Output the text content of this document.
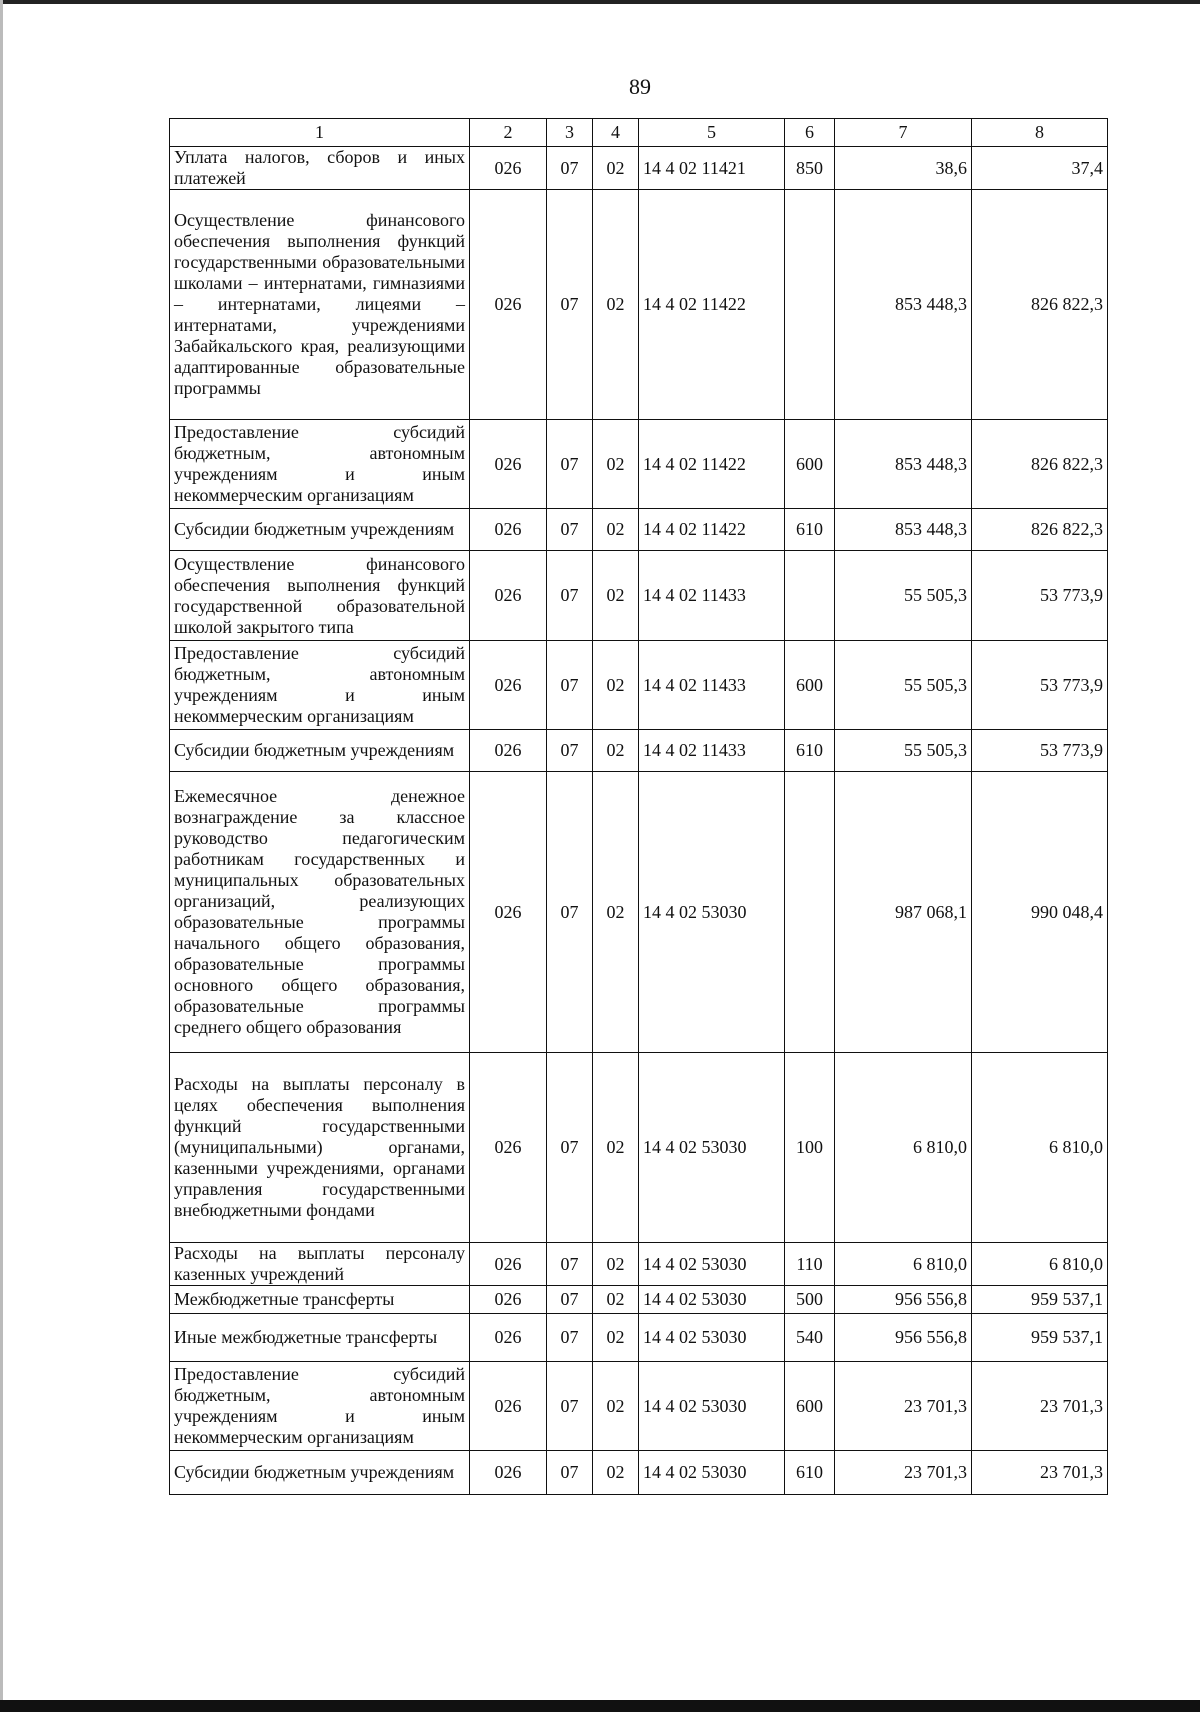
89
1	2	3	4	5	6	7	8
Уплата налогов, сборов и иных платежей	026	07	02	14 4 02 11421	850	38,6	37,4
Осуществление финансового обеспечения выполнения функций государственными образовательными школами – интернатами, гимназиями – интернатами, лицеями – интернатами, учреждениями Забайкальского края, реализующими адаптированные образовательные программы	026	07	02	14 4 02 11422		853 448,3	826 822,3
Предоставление субсидий бюджетным, автономным учреждениям и иным некоммерческим организациям	026	07	02	14 4 02 11422	600	853 448,3	826 822,3
Субсидии бюджетным учреждениям	026	07	02	14 4 02 11422	610	853 448,3	826 822,3
Осуществление финансового обеспечения выполнения функций государственной образовательной школой закрытого типа	026	07	02	14 4 02 11433		55 505,3	53 773,9
Предоставление субсидий бюджетным, автономным учреждениям и иным некоммерческим организациям	026	07	02	14 4 02 11433	600	55 505,3	53 773,9
Субсидии бюджетным учреждениям	026	07	02	14 4 02 11433	610	55 505,3	53 773,9
Ежемесячное денежное вознаграждение за классное руководство педагогическим работникам государственных и муниципальных образовательных организаций, реализующих образовательные программы начального общего образования, образовательные программы основного общего образования, образовательные программы среднего общего образования	026	07	02	14 4 02 53030		987 068,1	990 048,4
Расходы на выплаты персоналу в целях обеспечения выполнения функций государственными (муниципальными) органами, казенными учреждениями, органами управления государственными внебюджетными фондами	026	07	02	14 4 02 53030	100	6 810,0	6 810,0
Расходы на выплаты персоналу казенных учреждений	026	07	02	14 4 02 53030	110	6 810,0	6 810,0
Межбюджетные трансферты	026	07	02	14 4 02 53030	500	956 556,8	959 537,1
Иные межбюджетные трансферты	026	07	02	14 4 02 53030	540	956 556,8	959 537,1
Предоставление субсидий бюджетным, автономным учреждениям и иным некоммерческим организациям	026	07	02	14 4 02 53030	600	23 701,3	23 701,3
Субсидии бюджетным учреждениям	026	07	02	14 4 02 53030	610	23 701,3	23 701,3
